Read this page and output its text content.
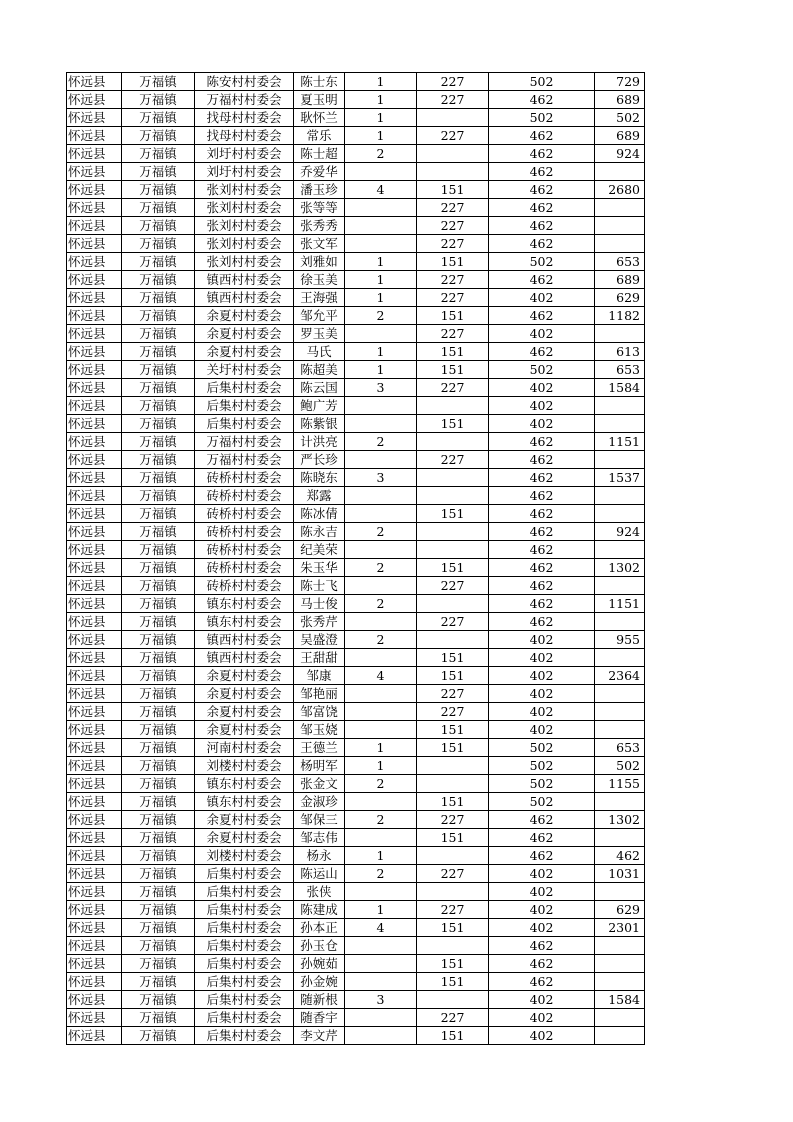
怀远县	万福镇	陈安村村委会	陈士东	1	227	502	729
怀远县	万福镇	万福村村委会	夏玉明	1	227	462	689
怀远县	万福镇	找母村村委会	耿怀兰	1		502	502
怀远县	万福镇	找母村村委会	常乐	1	227	462	689
怀远县	万福镇	刘圩村村委会	陈士超	2		462	924
怀远县	万福镇	刘圩村村委会	乔爱华			462	
怀远县	万福镇	张刘村村委会	潘玉珍	4	151	462	2680
怀远县	万福镇	张刘村村委会	张等等		227	462	
怀远县	万福镇	张刘村村委会	张秀秀		227	462	
怀远县	万福镇	张刘村村委会	张文军		227	462	
怀远县	万福镇	张刘村村委会	刘雅如	1	151	502	653
怀远县	万福镇	镇西村村委会	徐玉美	1	227	462	689
怀远县	万福镇	镇西村村委会	王海强	1	227	402	629
怀远县	万福镇	余夏村村委会	邹允平	2	151	462	1182
怀远县	万福镇	余夏村村委会	罗玉美		227	402	
怀远县	万福镇	余夏村村委会	马氏	1	151	462	613
怀远县	万福镇	关圩村村委会	陈超美	1	151	502	653
怀远县	万福镇	后集村村委会	陈云国	3	227	402	1584
怀远县	万福镇	后集村村委会	鲍广芳			402	
怀远县	万福镇	后集村村委会	陈紫银		151	402	
怀远县	万福镇	万福村村委会	计洪亮	2		462	1151
怀远县	万福镇	万福村村委会	严长珍		227	462	
怀远县	万福镇	砖桥村村委会	陈晓东	3		462	1537
怀远县	万福镇	砖桥村村委会	郑露			462	
怀远县	万福镇	砖桥村村委会	陈冰倩		151	462	
怀远县	万福镇	砖桥村村委会	陈永吉	2		462	924
怀远县	万福镇	砖桥村村委会	纪美荣			462	
怀远县	万福镇	砖桥村村委会	朱玉华	2	151	462	1302
怀远县	万福镇	砖桥村村委会	陈士飞		227	462	
怀远县	万福镇	镇东村村委会	马士俊	2		462	1151
怀远县	万福镇	镇东村村委会	张秀芹		227	462	
怀远县	万福镇	镇西村村委会	吴盛澄	2		402	955
怀远县	万福镇	镇西村村委会	王甜甜		151	402	
怀远县	万福镇	余夏村村委会	邹康	4	151	402	2364
怀远县	万福镇	余夏村村委会	邹艳丽		227	402	
怀远县	万福镇	余夏村村委会	邹富饶		227	402	
怀远县	万福镇	余夏村村委会	邹玉娆		151	402	
怀远县	万福镇	河南村村委会	王德兰	1	151	502	653
怀远县	万福镇	刘楼村村委会	杨明军	1		502	502
怀远县	万福镇	镇东村村委会	张金文	2		502	1155
怀远县	万福镇	镇东村村委会	金淑珍		151	502	
怀远县	万福镇	余夏村村委会	邹保三	2	227	462	1302
怀远县	万福镇	余夏村村委会	邹志伟		151	462	
怀远县	万福镇	刘楼村村委会	杨永	1		462	462
怀远县	万福镇	后集村村委会	陈运山	2	227	402	1031
怀远县	万福镇	后集村村委会	张侠			402	
怀远县	万福镇	后集村村委会	陈建成	1	227	402	629
怀远县	万福镇	后集村村委会	孙本正	4	151	402	2301
怀远县	万福镇	后集村村委会	孙玉仓			462	
怀远县	万福镇	后集村村委会	孙婉茹		151	462	
怀远县	万福镇	后集村村委会	孙金婉		151	462	
怀远县	万福镇	后集村村委会	随新根	3		402	1584
怀远县	万福镇	后集村村委会	随香宇		227	402	
怀远县	万福镇	后集村村委会	李文芹		151	402	
